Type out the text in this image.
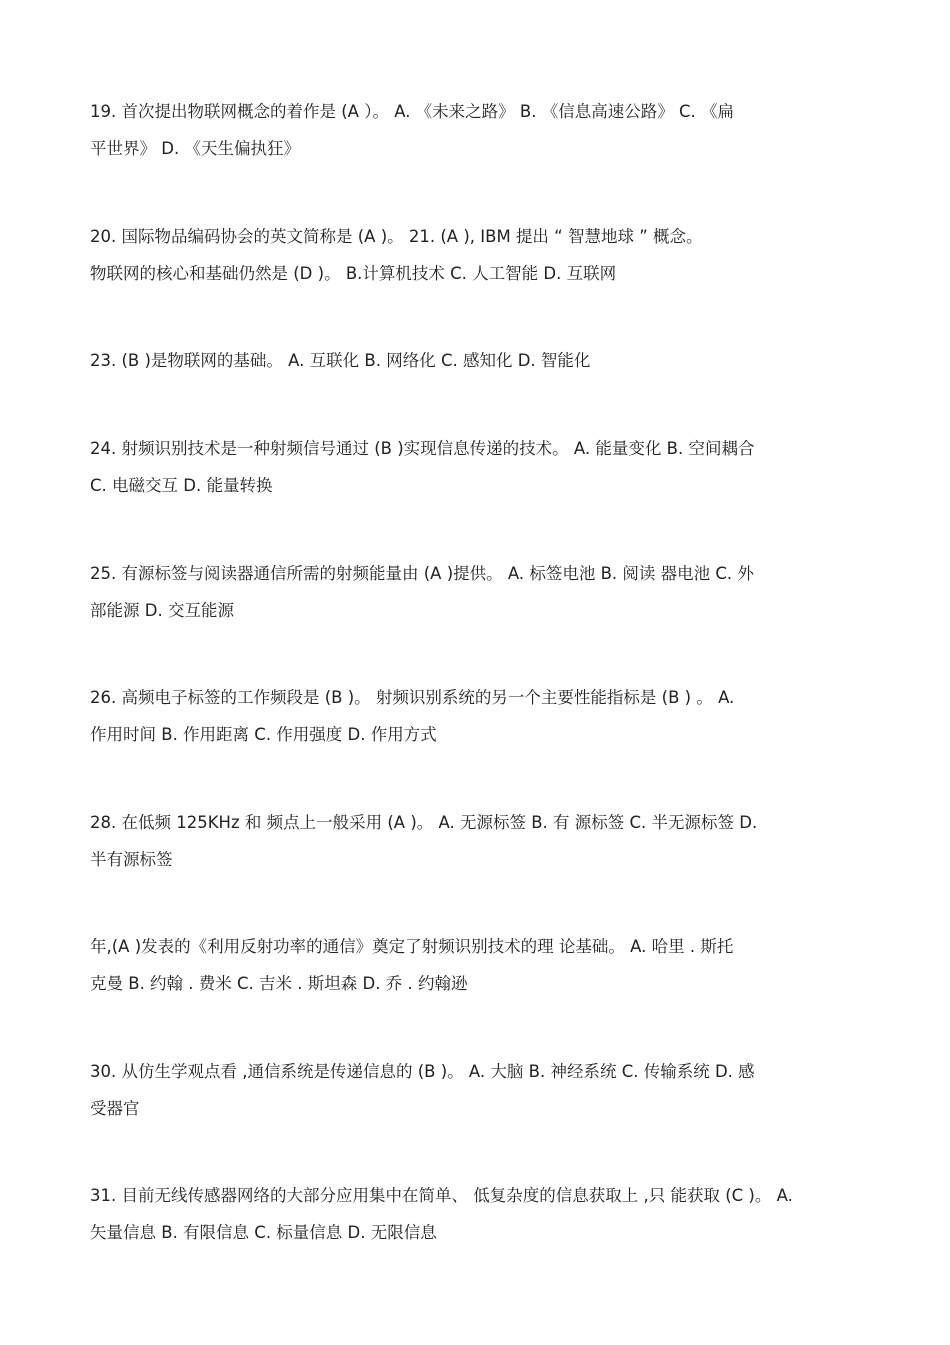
19. 首次提出物联网概念的着作是 (A ）。 A. 《未来之路》 B. 《信息高速公路》 C. 《扁
平世界》 D. 《天生偏执狂》
20. 国际物品编码协会的英文简称是 (A )。 21. (A ), IBM 提出 “ 智慧地球 ” 概念。
物联网的核心和基础仍然是 (D )。 B.计算机技术 C. 人工智能 D. 互联网
23. (B )是物联网的基础。 A. 互联化 B. 网络化 C. 感知化 D. 智能化
24. 射频识别技术是一种射频信号通过 (B )实现信息传递的技术。 A. 能量变化 B. 空间耦合
C. 电磁交互 D. 能量转换
25. 有源标签与阅读器通信所需的射频能量由 (A )提供。 A. 标签电池 B. 阅读 器电池 C. 外
部能源 D. 交互能源
26. 高频电子标签的工作频段是 (B )。 射频识别系统的另一个主要性能指标是 (B ) 。 A.
作用时间 B. 作用距离 C. 作用强度 D. 作用方式
28. 在低频 125KHz 和 频点上一般采用 (A )。 A. 无源标签 B. 有 源标签 C. 半无源标签 D.
半有源标签
年,(A )发表的《利用反射功率的通信》奠定了射频识别技术的理 论基础。 A. 哈里 . 斯托
克曼 B. 约翰 . 费米 C. 吉米 . 斯坦森 D. 乔 . 约翰逊
30. 从仿生学观点看 ,通信系统是传递信息的 (B )。 A. 大脑 B. 神经系统 C. 传输系统 D. 感
受器官
31. 目前无线传感器网络的大部分应用集中在简单、 低复杂度的信息获取上 ,只 能获取 (C )。 A.
矢量信息 B. 有限信息 C. 标量信息 D. 无限信息
